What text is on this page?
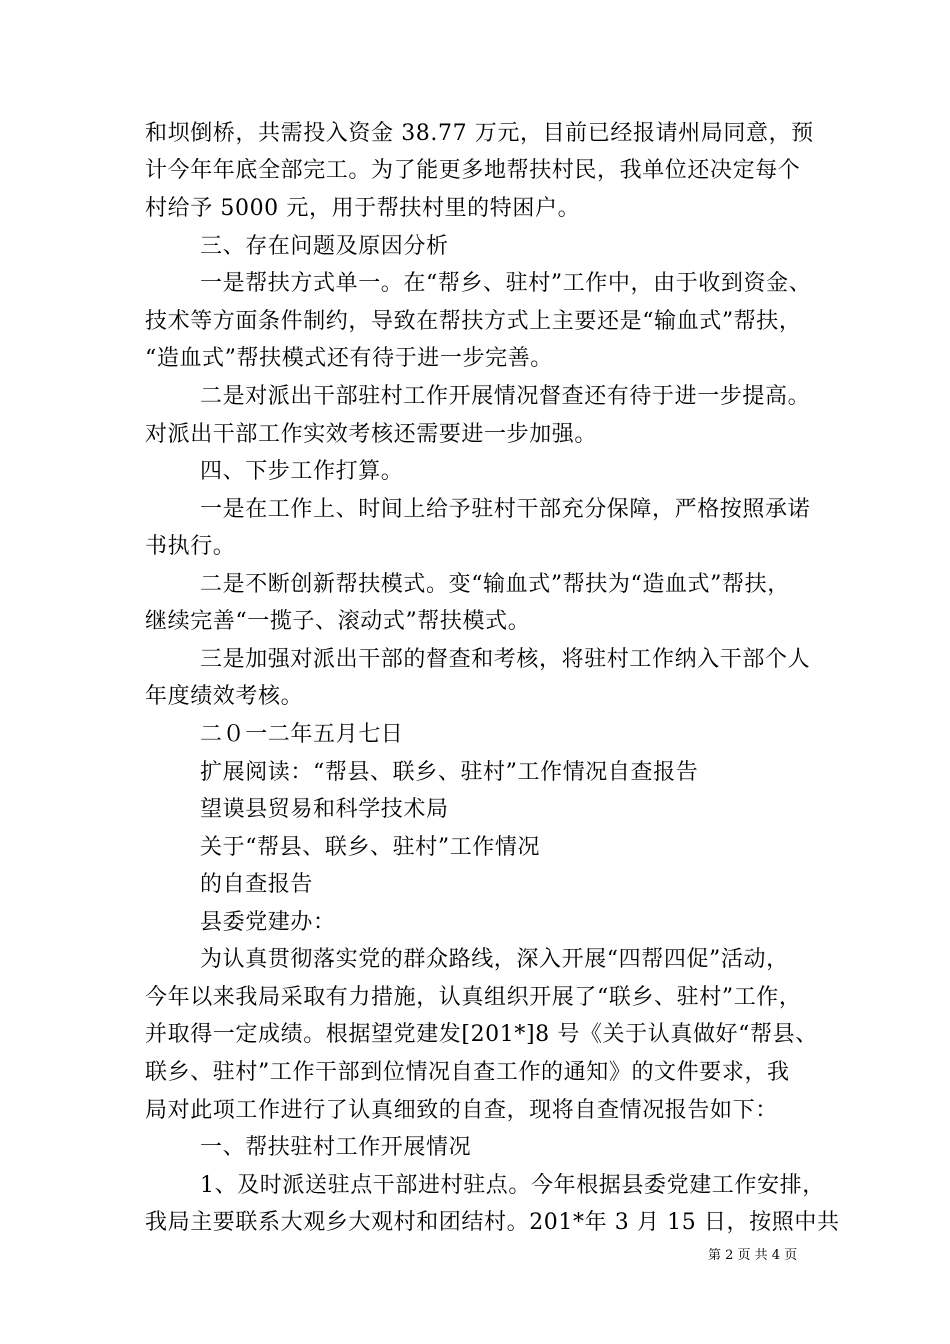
和坝倒桥，共需投入资金 38.77 万元，目前已经报请州局同意，预
计今年年底全部完工。为了能更多地帮扶村民，我单位还决定每个
村给予 5000 元，用于帮扶村里的特困户。
三、存在问题及原因分析
一是帮扶方式单一。在“帮乡、驻村”工作中，由于收到资金、
技术等方面条件制约，导致在帮扶方式上主要还是“输血式”帮扶，
“造血式”帮扶模式还有待于进一步完善。
二是对派出干部驻村工作开展情况督查还有待于进一步提高。
对派出干部工作实效考核还需要进一步加强。
四、下步工作打算。
一是在工作上、时间上给予驻村干部充分保障，严格按照承诺
书执行。
二是不断创新帮扶模式。变“输血式”帮扶为“造血式”帮扶，
继续完善“一揽子、滚动式”帮扶模式。
三是加强对派出干部的督查和考核，将驻村工作纳入干部个人
年度绩效考核。
二０一二年五月七日
扩展阅读：“帮县、联乡、驻村”工作情况自查报告
望谟县贸易和科学技术局
关于“帮县、联乡、驻村”工作情况
的自查报告
县委党建办：
为认真贯彻落实党的群众路线，深入开展“四帮四促”活动，
今年以来我局采取有力措施，认真组织开展了“联乡、驻村”工作，
并取得一定成绩。根据望党建发[201*]8 号《关于认真做好“帮县、
联乡、驻村”工作干部到位情况自查工作的通知》的文件要求，我
局对此项工作进行了认真细致的自查，现将自查情况报告如下：
一、帮扶驻村工作开展情况
1、及时派送驻点干部进村驻点。今年根据县委党建工作安排，
我局主要联系大观乡大观村和团结村。201*年 3 月 15 日，按照中共
第 2 页 共 4 页
